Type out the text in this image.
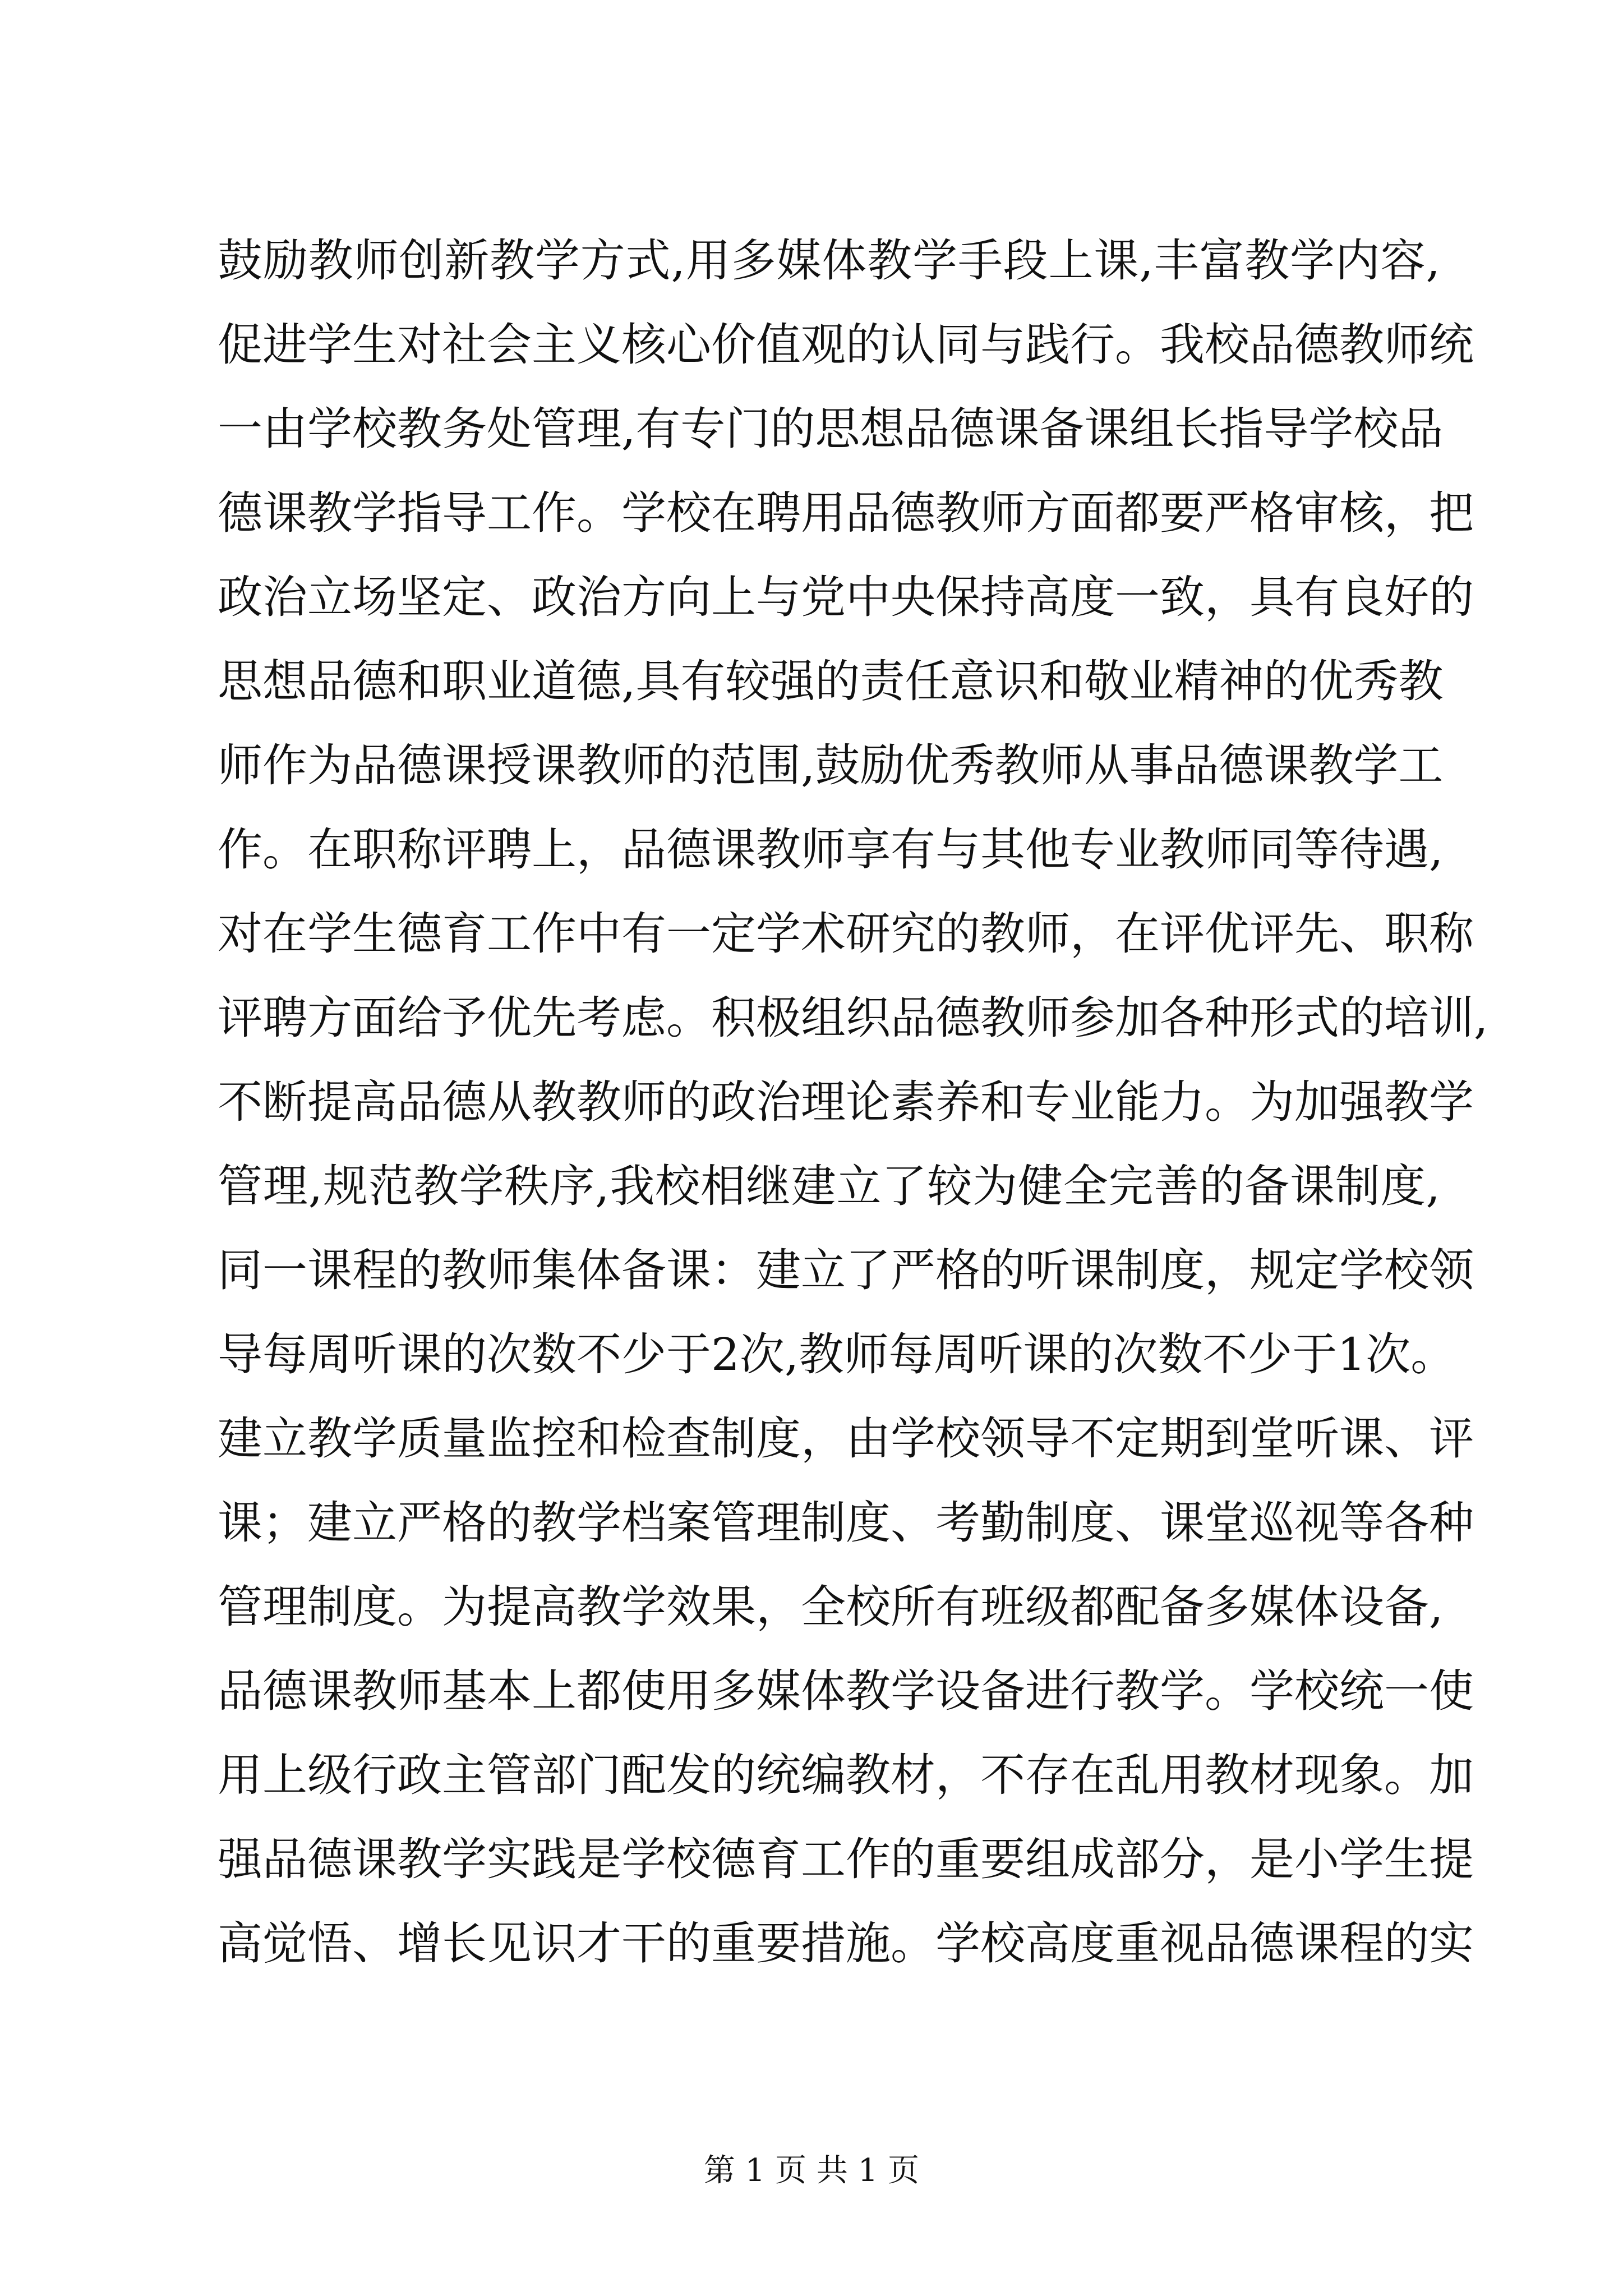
鼓励教师创新教学方式,用多媒体教学手段上课,丰富教学内容,
促进学生对社会主义核心价值观的认同与践行。我校品德教师统
一由学校教务处管理,有专门的思想品德课备课组长指导学校品
德课教学指导工作。学校在聘用品德教师方面都要严格审核，把
政治立场坚定、政治方向上与党中央保持高度一致，具有良好的
思想品德和职业道德,具有较强的责任意识和敬业精神的优秀教
师作为品德课授课教师的范围,鼓励优秀教师从事品德课教学工
作。在职称评聘上，品德课教师享有与其他专业教师同等待遇,
对在学生德育工作中有一定学术研究的教师，在评优评先、职称
评聘方面给予优先考虑。积极组织品德教师参加各种形式的培训,
不断提高品德从教教师的政治理论素养和专业能力。为加强教学
管理,规范教学秩序,我校相继建立了较为健全完善的备课制度,
同一课程的教师集体备课：建立了严格的听课制度，规定学校领
导每周听课的次数不少于2次,教师每周听课的次数不少于1次。
建立教学质量监控和检查制度，由学校领导不定期到堂听课、评
课；建立严格的教学档案管理制度、考勤制度、课堂巡视等各种
管理制度。为提高教学效果，全校所有班级都配备多媒体设备,
品德课教师基本上都使用多媒体教学设备进行教学。学校统一使
用上级行政主管部门配发的统编教材，不存在乱用教材现象。加
强品德课教学实践是学校德育工作的重要组成部分，是小学生提
高觉悟、增长见识才干的重要措施。学校高度重视品德课程的实
第 1 页 共 1 页
